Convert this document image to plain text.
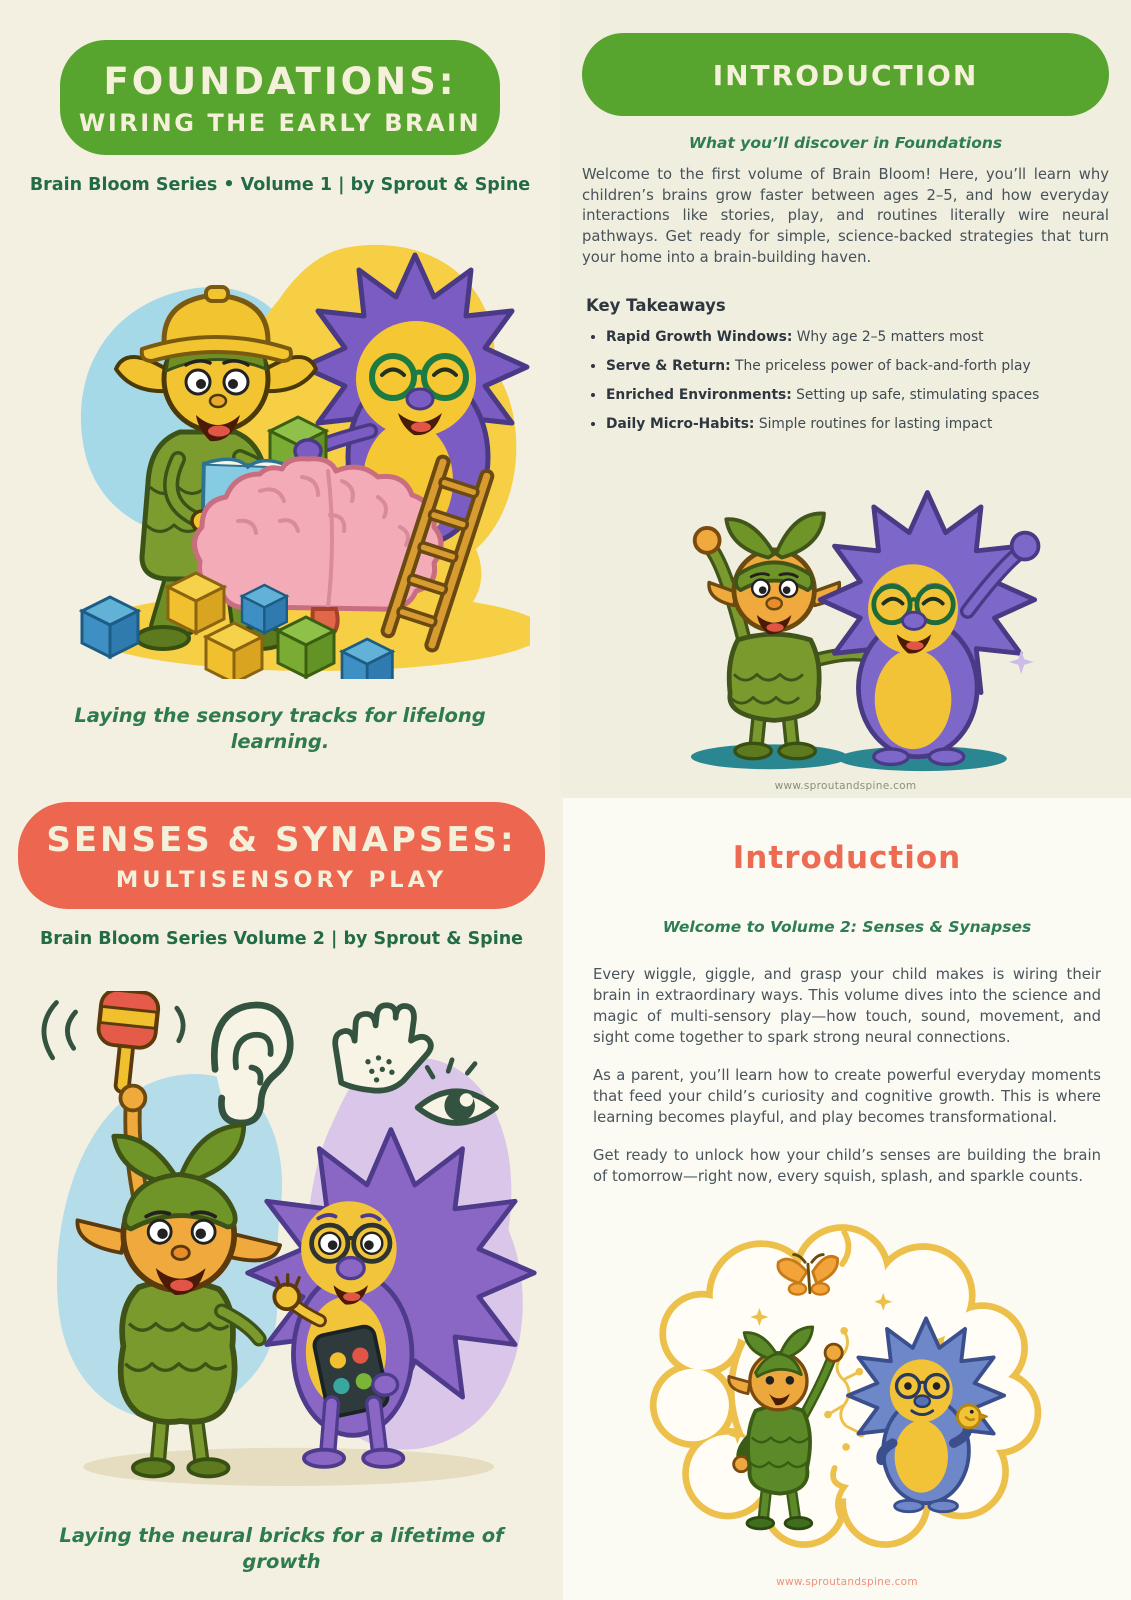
FOUNDATIONS:
WIRING THE EARLY BRAIN
Brain Bloom Series • Volume 1 | by Sprout & Spine
Laying the sensory tracks for lifelong learning.
INTRODUCTION
What you’ll discover in Foundations

Welcome to the first volume of Brain Bloom! Here, you’ll learn why children’s brains grow faster between ages 2–5, and how everyday interactions like stories, play, and routines literally wire neural pathways. Get ready for simple, science-backed strategies that turn your home into a brain-building haven.

Key Takeaways
• Rapid Growth Windows: Why age 2–5 matters most
• Serve & Return: The priceless power of back-and-forth play
• Enriched Environments: Setting up safe, stimulating spaces
• Daily Micro-Habits: Simple routines for lasting impact
www.sproutandspine.com
SENSES & SYNAPSES:
MULTISENSORY PLAY
Brain Bloom Series Volume 2 | by Sprout & Spine
Laying the neural bricks for a lifetime of growth
Introduction
Welcome to Volume 2: Senses & Synapses

Every wiggle, giggle, and grasp your child makes is wiring their brain in extraordinary ways. This volume dives into the science and magic of multi-sensory play—how touch, sound, movement, and sight come together to spark strong neural connections.

As a parent, you’ll learn how to create powerful everyday moments that feed your child’s curiosity and cognitive growth. This is where learning becomes playful, and play becomes transformational.

Get ready to unlock how your child’s senses are building the brain of tomorrow—right now, every squish, splash, and sparkle counts.

www.sproutandspine.com
